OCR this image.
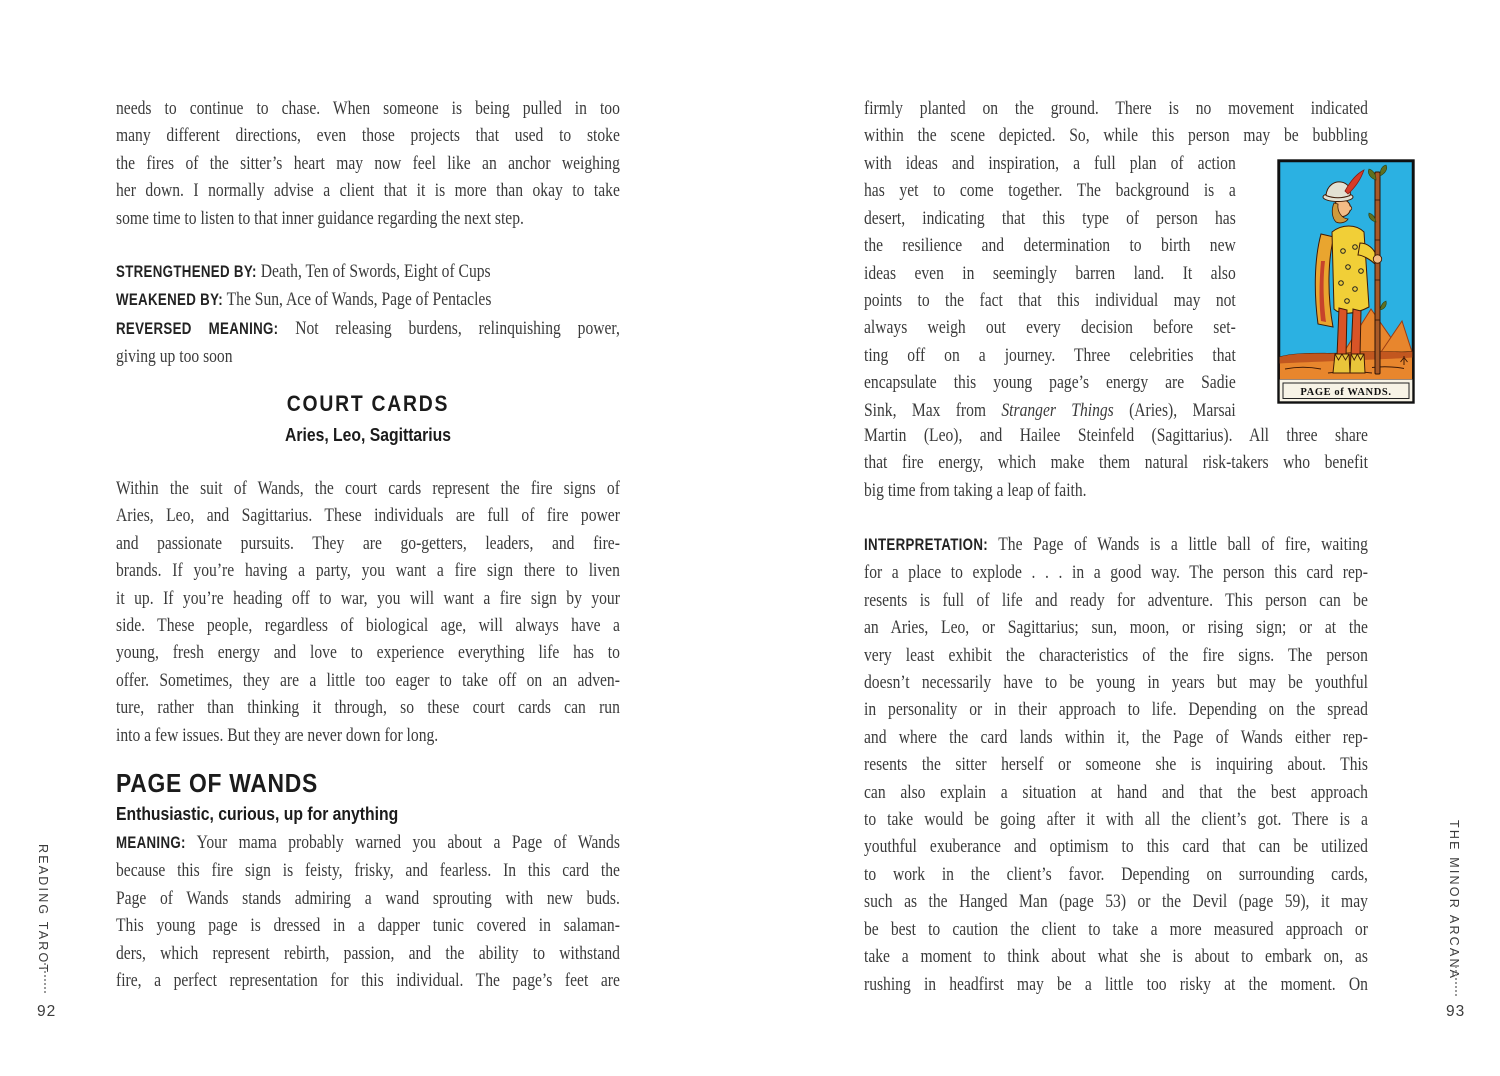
needs to continue to chase. When someone is being pulled in too
many different directions, even those projects that used to stoke
the fires of the sitter’s heart may now feel like an anchor weighing
her down. I normally advise a client that it is more than okay to take
some time to listen to that inner guidance regarding the next step.
STRENGTHENED BY: Death, Ten of Swords, Eight of Cups
WEAKENED BY: The Sun, Ace of Wands, Page of Pentacles
REVERSED MEANING: Not releasing burdens, relinquishing power,
giving up too soon
COURT CARDS
Aries, Leo, Sagittarius
Within the suit of Wands, the court cards represent the fire signs of
Aries, Leo, and Sagittarius. These individuals are full of fire power
and passionate pursuits. They are go-getters, leaders, and fire-
brands. If you’re having a party, you want a fire sign there to liven
it up. If you’re heading off to war, you will want a fire sign by your
side. These people, regardless of biological age, will always have a
young, fresh energy and love to experience everything life has to
offer. Sometimes, they are a little too eager to take off on an adven-
ture, rather than thinking it through, so these court cards can run
into a few issues. But they are never down for long.
PAGE OF WANDS
Enthusiastic, curious, up for anything
MEANING: Your mama probably warned you about a Page of Wands
because this fire sign is feisty, frisky, and fearless. In this card the
Page of Wands stands admiring a wand sprouting with new buds.
This young page is dressed in a dapper tunic covered in salaman-
ders, which represent rebirth, passion, and the ability to withstand
fire, a perfect representation for this individual. The page’s feet are
firmly planted on the ground. There is no movement indicated
within the scene depicted. So, while this person may be bubbling
with ideas and inspiration, a full plan of action
has yet to come together. The background is a
desert, indicating that this type of person has
the resilience and determination to birth new
ideas even in seemingly barren land. It also
points to the fact that this individual may not
always weigh out every decision before set-
ting off on a journey. Three celebrities that
encapsulate this young page’s energy are Sadie
Sink, Max from Stranger Things (Aries), Marsai
Martin (Leo), and Hailee Steinfeld (Sagittarius). All three share
that fire energy, which make them natural risk-takers who benefit
big time from taking a leap of faith.
INTERPRETATION: The Page of Wands is a little ball of fire, waiting
for a place to explode . . . in a good way. The person this card rep-
resents is full of life and ready for adventure. This person can be
an Aries, Leo, or Sagittarius; sun, moon, or rising sign; or at the
very least exhibit the characteristics of the fire signs. The person
doesn’t necessarily have to be young in years but may be youthful
in personality or in their approach to life. Depending on the spread
and where the card lands within it, the Page of Wands either rep-
resents the sitter herself or someone she is inquiring about. This
can also explain a situation at hand and that the best approach
to take would be going after it with all the client’s got. There is a
youthful exuberance and optimism to this card that can be utilized
to work in the client’s favor. Depending on surrounding cards,
such as the Hanged Man (page 53) or the Devil (page 59), it may
be best to caution the client to take a more measured approach or
take a moment to think about what she is about to embark on, as
rushing in headfirst may be a little too risky at the moment. On
PAGE of WANDS.
READING TAROT
92
THE MINOR ARCANA
93
